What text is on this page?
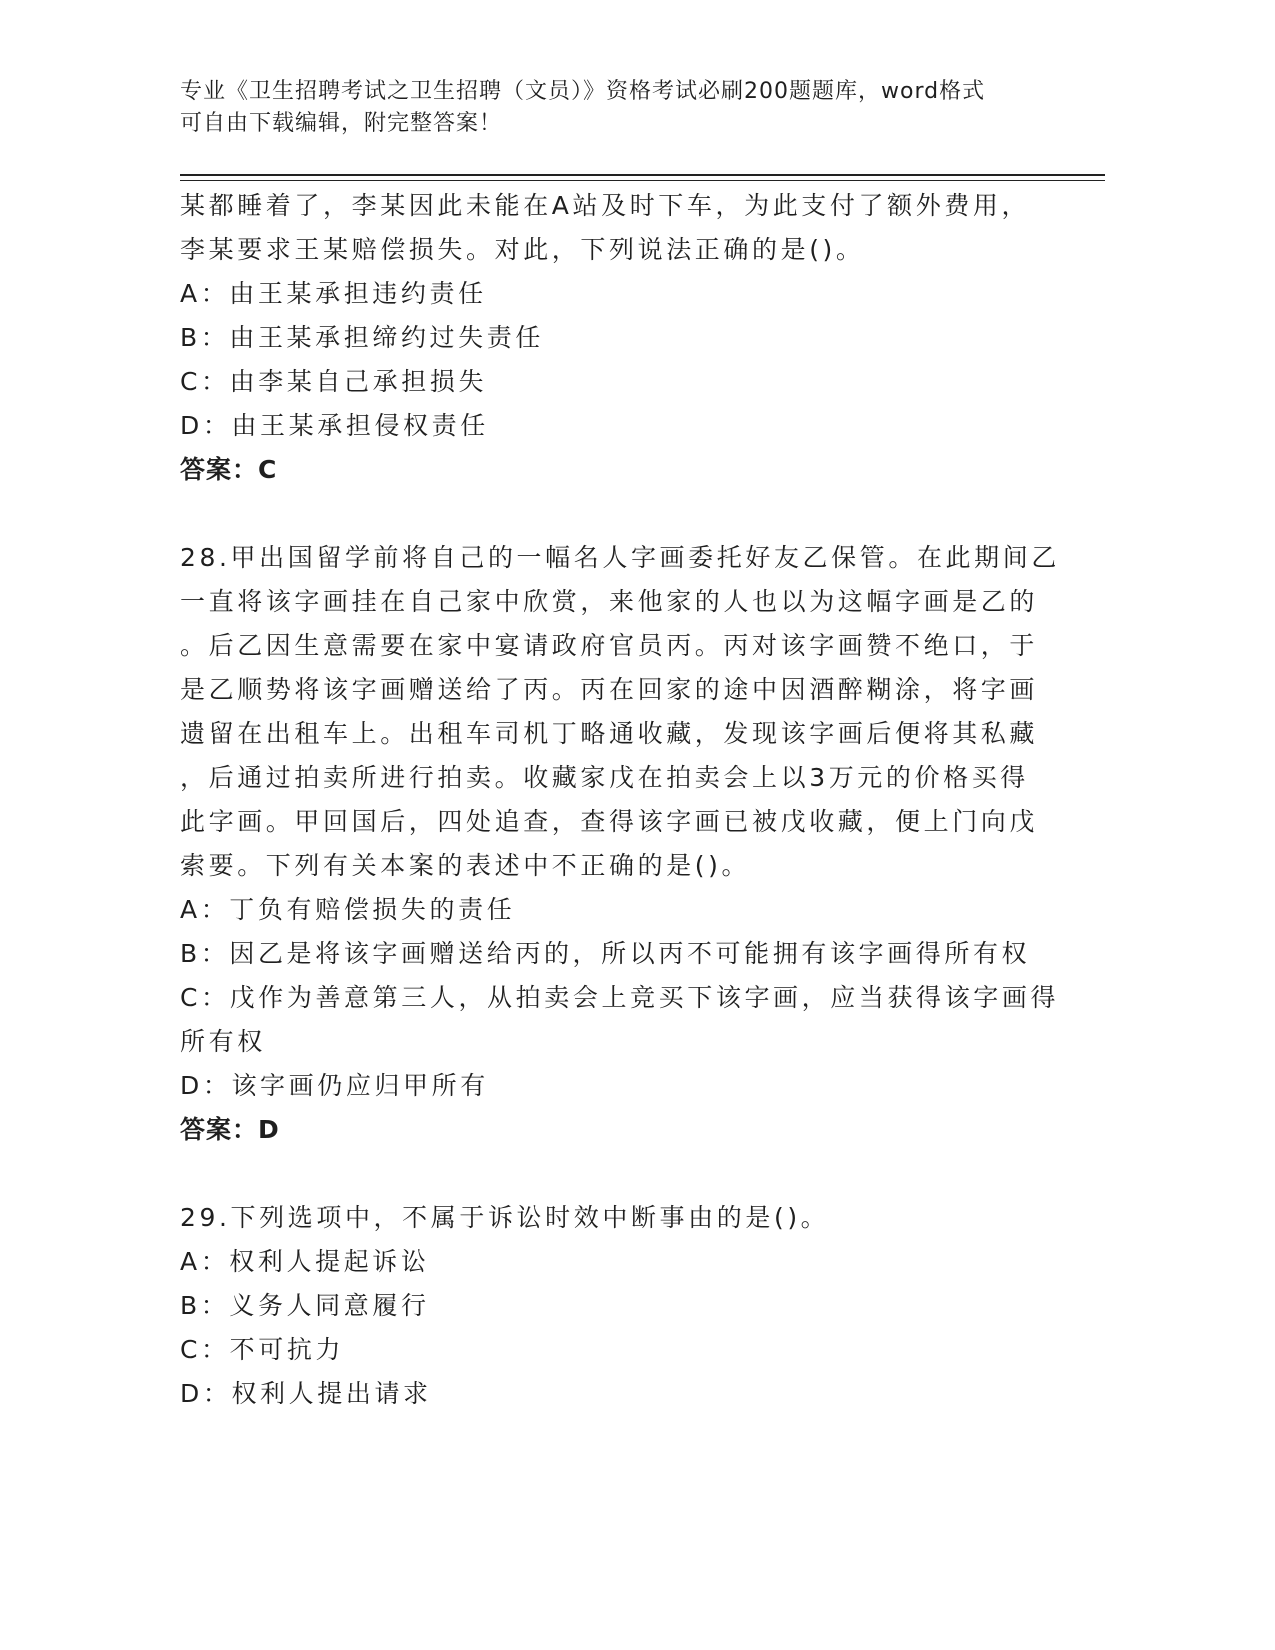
专业《卫生招聘考试之卫生招聘（文员）》资格考试必刷200题题库，word格式
可自由下载编辑，附完整答案！
某都睡着了，李某因此未能在A站及时下车，为此支付了额外费用，
李某要求王某赔偿损失。对此，下列说法正确的是()。
A：由王某承担违约责任
B：由王某承担缔约过失责任
C：由李某自己承担损失
D：由王某承担侵权责任
答案：C
28.甲出国留学前将自己的一幅名人字画委托好友乙保管。在此期间乙
一直将该字画挂在自己家中欣赏，来他家的人也以为这幅字画是乙的
。后乙因生意需要在家中宴请政府官员丙。丙对该字画赞不绝口，于
是乙顺势将该字画赠送给了丙。丙在回家的途中因酒醉糊涂，将字画
遗留在出租车上。出租车司机丁略通收藏，发现该字画后便将其私藏
，后通过拍卖所进行拍卖。收藏家戊在拍卖会上以3万元的价格买得
此字画。甲回国后，四处追查，查得该字画已被戊收藏，便上门向戊
索要。下列有关本案的表述中不正确的是()。
A：丁负有赔偿损失的责任
B：因乙是将该字画赠送给丙的，所以丙不可能拥有该字画得所有权
C：戊作为善意第三人，从拍卖会上竞买下该字画，应当获得该字画得
所有权
D：该字画仍应归甲所有
答案：D
29.下列选项中，不属于诉讼时效中断事由的是()。
A：权利人提起诉讼
B：义务人同意履行
C：不可抗力
D：权利人提出请求
